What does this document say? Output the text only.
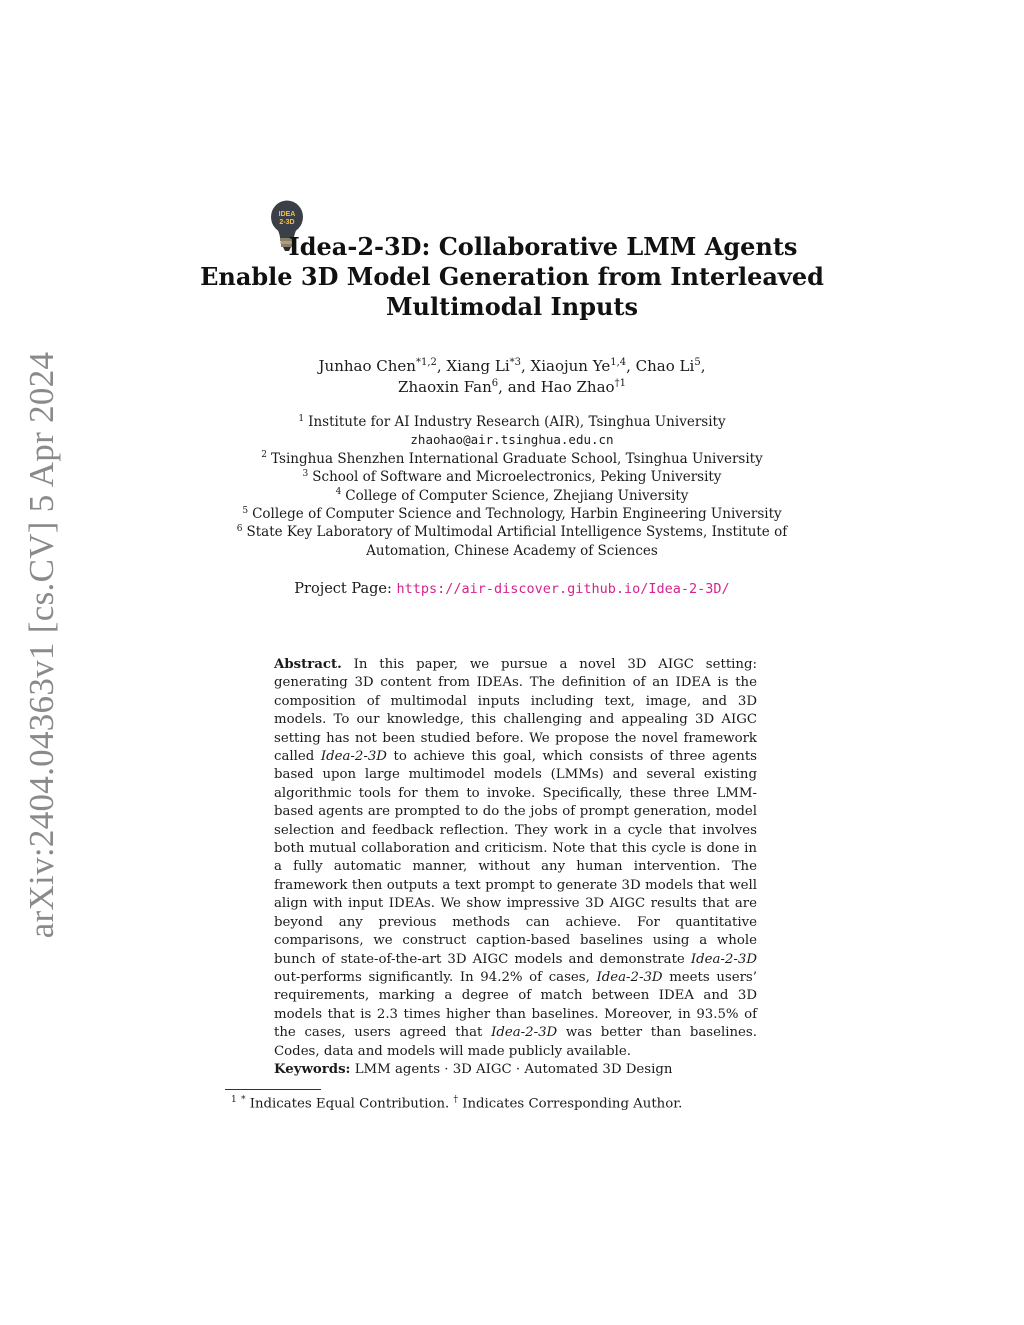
arXiv:2404.04363v1 [cs.CV] 5 Apr 2024
IDEA
2-3D
Idea-2-3D: Collaborative LMM Agents
Enable 3D Model Generation from Interleaved
Multimodal Inputs
Junhao Chen$^{*1,2}$, Xiang Li$^{*3}$, Xiaojun Ye$^{1,4}$, Chao Li$^5$,
Zhaoxin Fan$^6$, and Hao Zhao$^{\dagger 1}$
$^1$ Institute for AI Industry Research (AIR), Tsinghua University
zhaohao@air.tsinghua.edu.cn
$^2$ Tsinghua Shenzhen International Graduate School, Tsinghua University
$^3$ School of Software and Microelectronics, Peking University
$^4$ College of Computer Science, Zhejiang University
$^5$ College of Computer Science and Technology, Harbin Engineering University
$^6$ State Key Laboratory of Multimodal Artificial Intelligence Systems, Institute of
Automation, Chinese Academy of Sciences
Project Page: https://air-discover.github.io/Idea-2-3D/
Abstract. In this paper, we pursue a novel 3D AIGC setting: generating 3D content from IDEAs. The definition of an IDEA is the composition of multimodal inputs including text, image, and 3D models. To our knowledge, this challenging and appealing 3D AIGC setting has not been studied before. We propose the novel framework called Idea-2-3D to achieve this goal, which consists of three agents based upon large multimodel models (LMMs) and several existing algorithmic tools for them to invoke. Specifically, these three LMM-based agents are prompted to do the jobs of prompt generation, model selection and feedback reflection. They work in a cycle that involves both mutual collaboration and criticism. Note that this cycle is done in a fully automatic manner, without any human intervention. The framework then outputs a text prompt to generate 3D models that well align with input IDEAs. We show impressive 3D AIGC results that are beyond any previous methods can achieve. For quantitative comparisons, we construct caption-based baselines using a whole bunch of state-of-the-art 3D AIGC models and demonstrate Idea-2-3D out-performs significantly. In 94.2% of cases, Idea-2-3D meets users’ requirements, marking a degree of match between IDEA and 3D models that is 2.3 times higher than baselines. Moreover, in 93.5% of the cases, users agreed that Idea-2-3D was better than baselines. Codes, data and models will made publicly available.
Keywords: LMM agents · 3D AIGC · Automated 3D Design
$^1$ * Indicates Equal Contribution. † Indicates Corresponding Author.
